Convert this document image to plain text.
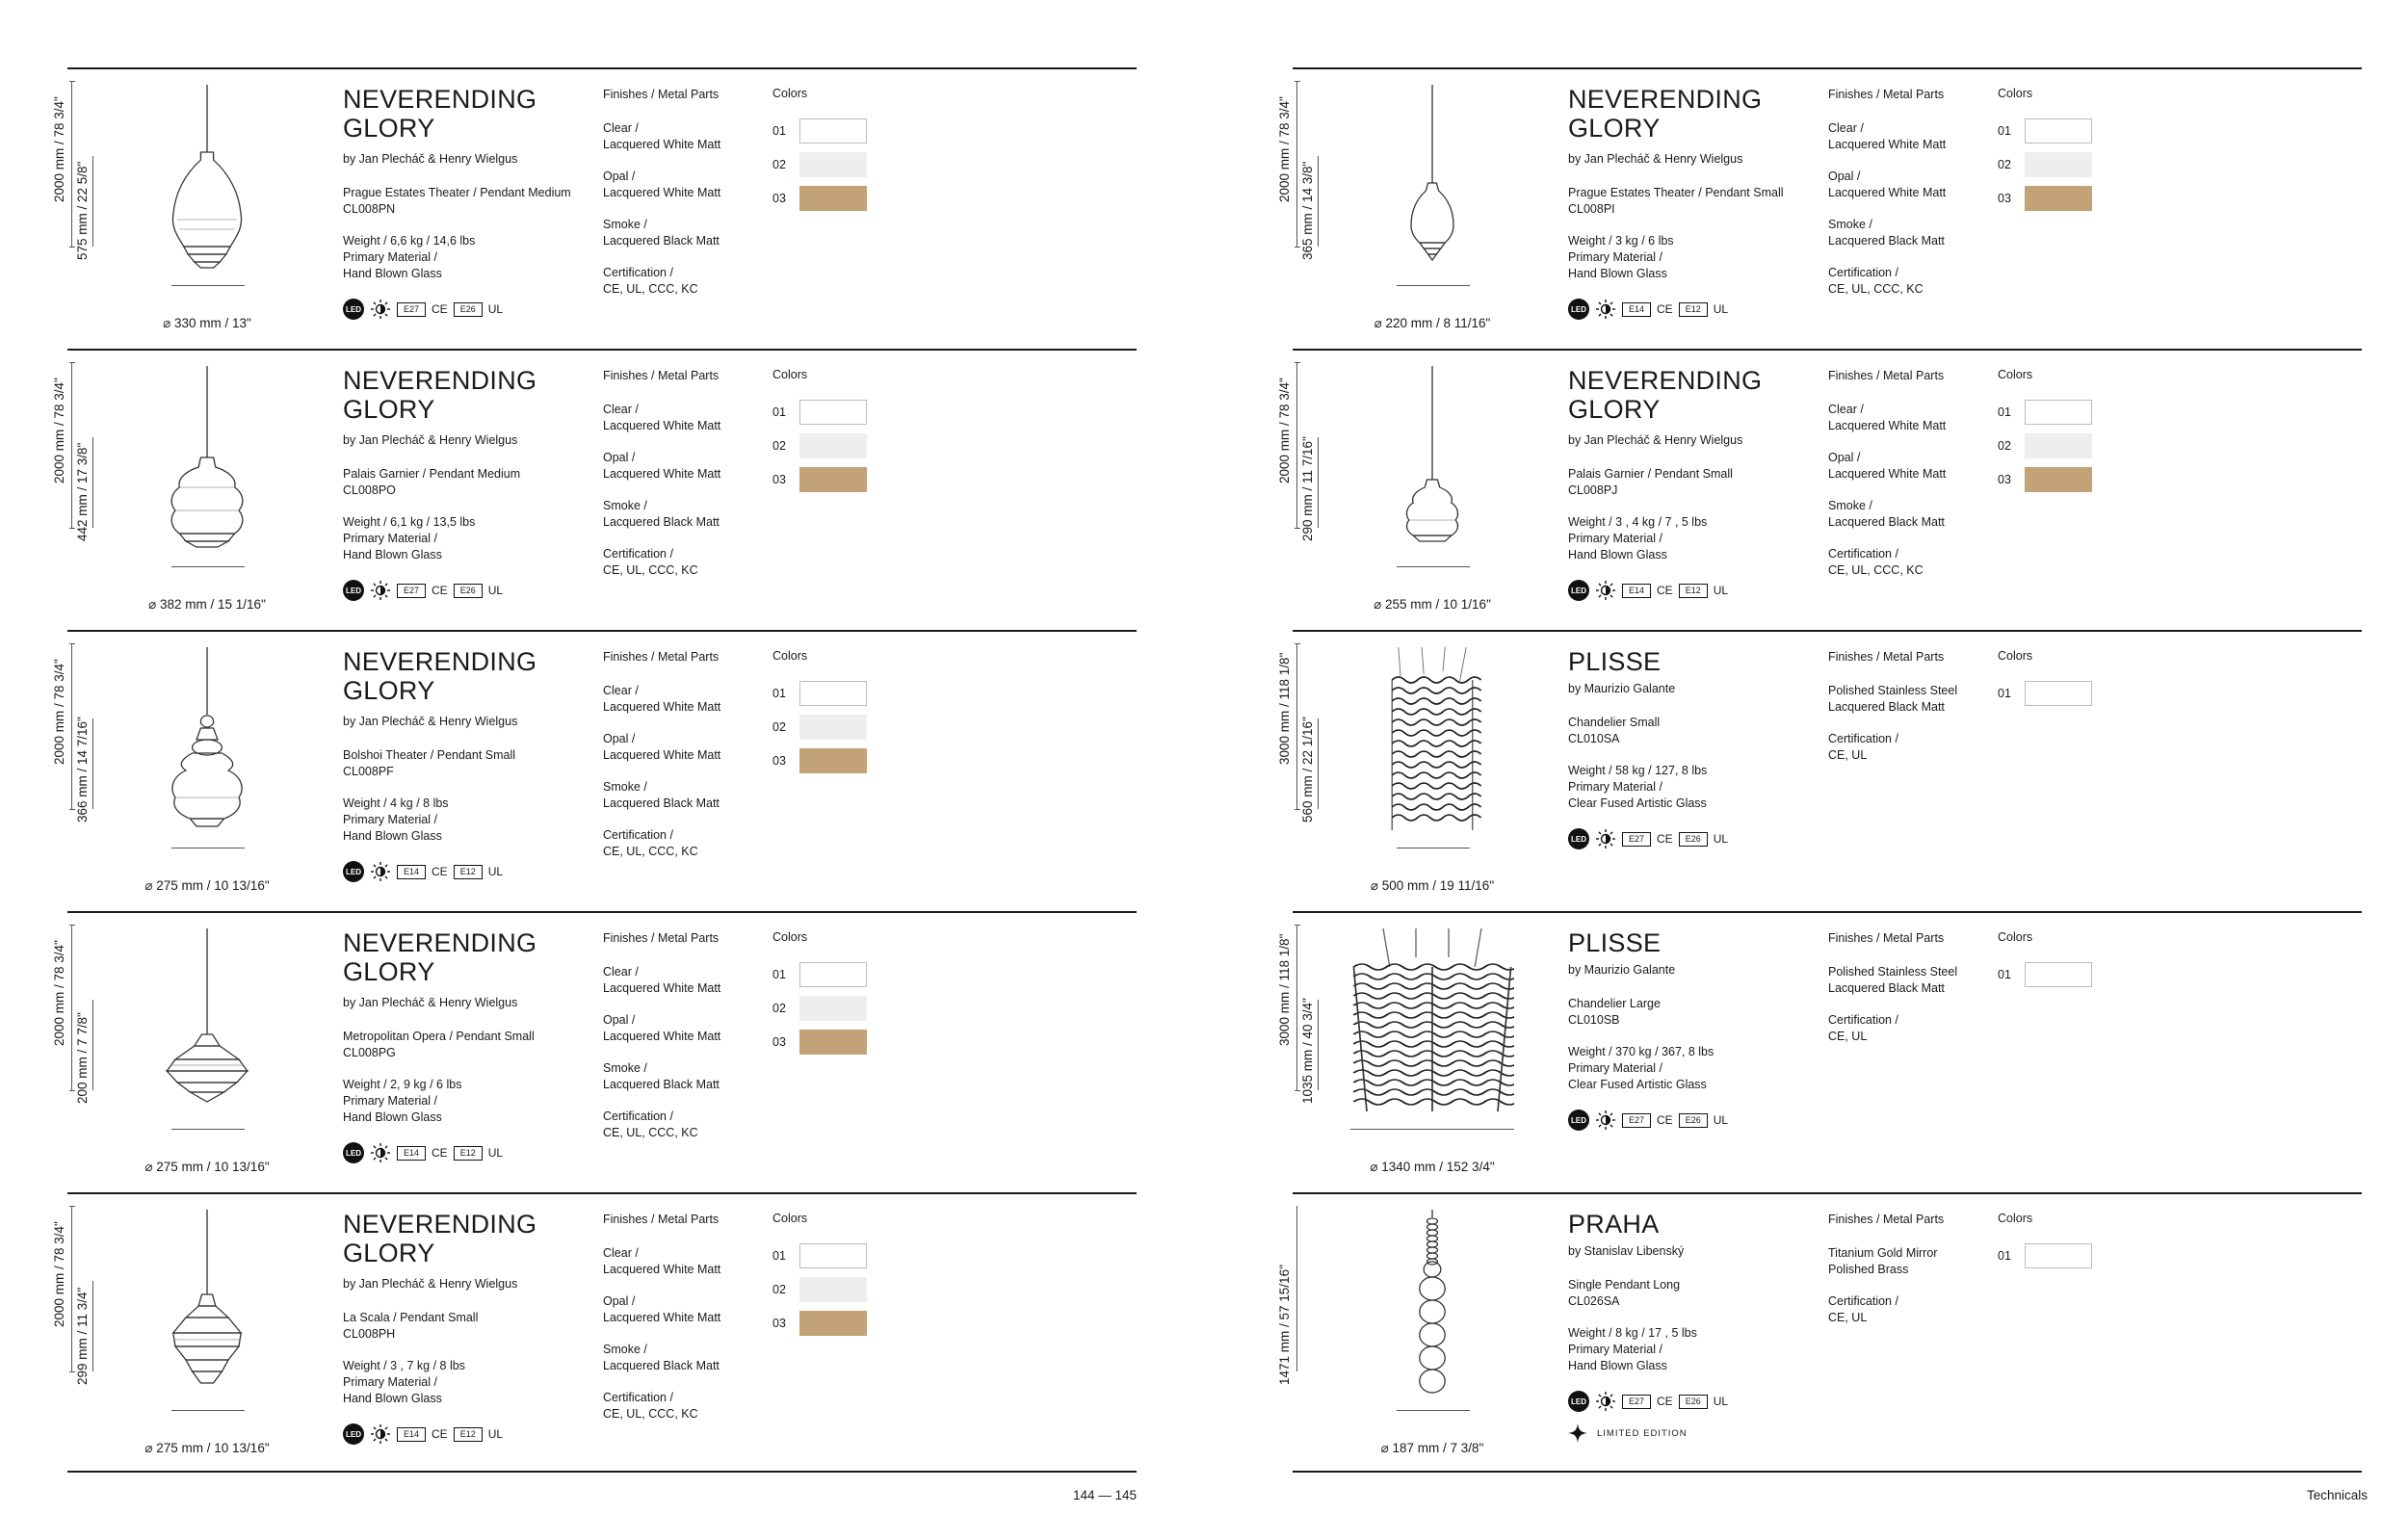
2000 mm / 78 3/4"
575 mm / 22 5/8"
⌀ 330 mm / 13"
NEVERENDING
GLORY
by Jan Plecháč & Henry Wielgus
Prague Estates Theater / Pendant Medium
CL008PN
Weight / 6,6 kg / 14,6 lbs
Primary Material /
Hand Blown Glass
LED	E27	CE	E26	UL
Finishes / Metal Parts
Clear /
Lacquered White Matt
Opal /
Lacquered White Matt
Smoke /
Lacquered Black Matt
Certification /
CE, UL, CCC, KC
Colors
01
02
03
2000 mm / 78 3/4"
442 mm / 17 3/8"
⌀ 382 mm / 15 1/16"
NEVERENDING
GLORY
by Jan Plecháč & Henry Wielgus
Palais Garnier / Pendant Medium
CL008PO
Weight / 6,1 kg / 13,5 lbs
Primary Material /
Hand Blown Glass
LED	E27	CE	E26	UL
Finishes / Metal Parts
Clear /
Lacquered White Matt
Opal /
Lacquered White Matt
Smoke /
Lacquered Black Matt
Certification /
CE, UL, CCC, KC
Colors
01
02
03
2000 mm / 78 3/4"
366 mm / 14 7/16"
⌀ 275 mm / 10 13/16"
NEVERENDING
GLORY
by Jan Plecháč & Henry Wielgus
Bolshoi Theater / Pendant Small
CL008PF
Weight / 4 kg / 8 lbs
Primary Material /
Hand Blown Glass
LED	E14	CE	E12	UL
Finishes / Metal Parts
Clear /
Lacquered White Matt
Opal /
Lacquered White Matt
Smoke /
Lacquered Black Matt
Certification /
CE, UL, CCC, KC
Colors
01
02
03
2000 mm / 78 3/4"
200 mm / 7 7/8"
⌀ 275 mm / 10 13/16"
NEVERENDING
GLORY
by Jan Plecháč & Henry Wielgus
Metropolitan Opera / Pendant Small
CL008PG
Weight / 2, 9 kg / 6 lbs
Primary Material /
Hand Blown Glass
LED	E14	CE	E12	UL
Finishes / Metal Parts
Clear /
Lacquered White Matt
Opal /
Lacquered White Matt
Smoke /
Lacquered Black Matt
Certification /
CE, UL, CCC, KC
Colors
01
02
03
2000 mm / 78 3/4"
299 mm / 11 3/4"
⌀ 275 mm / 10 13/16"
NEVERENDING
GLORY
by Jan Plecháč & Henry Wielgus
La Scala / Pendant Small
CL008PH
Weight / 3 , 7 kg / 8 lbs
Primary Material /
Hand Blown Glass
LED	E14	CE	E12	UL
Finishes / Metal Parts
Clear /
Lacquered White Matt
Opal /
Lacquered White Matt
Smoke /
Lacquered Black Matt
Certification /
CE, UL, CCC, KC
Colors
01
02
03
2000 mm / 78 3/4"
365 mm / 14 3/8"
⌀ 220 mm / 8 11/16"
NEVERENDING
GLORY
by Jan Plecháč & Henry Wielgus
Prague Estates Theater / Pendant Small
CL008PI
Weight / 3 kg / 6 lbs
Primary Material /
Hand Blown Glass
LED	E14	CE	E12	UL
Finishes / Metal Parts
Clear /
Lacquered White Matt
Opal /
Lacquered White Matt
Smoke /
Lacquered Black Matt
Certification /
CE, UL, CCC, KC
Colors
01
02
03
2000 mm / 78 3/4"
290 mm / 11 7/16"
⌀ 255 mm / 10 1/16"
NEVERENDING
GLORY
by Jan Plecháč & Henry Wielgus
Palais Garnier / Pendant Small
CL008PJ
Weight / 3 , 4 kg / 7 , 5 lbs
Primary Material /
Hand Blown Glass
LED	E14	CE	E12	UL
Finishes / Metal Parts
Clear /
Lacquered White Matt
Opal /
Lacquered White Matt
Smoke /
Lacquered Black Matt
Certification /
CE, UL, CCC, KC
Colors
01
02
03
3000 mm / 118 1/8"
560 mm / 22 1/16"
⌀ 500 mm / 19 11/16"
PLISSE
by Maurizio Galante
Chandelier Small
CL010SA
Weight / 58 kg / 127, 8 lbs
Primary Material /
Clear Fused Artistic Glass
LED	E27	CE	E26	UL
Finishes / Metal Parts
Polished Stainless Steel
Lacquered Black Matt
Certification /
CE, UL
Colors
01
3000 mm / 118 1/8"
1035 mm / 40 3/4"
⌀ 1340 mm / 152 3/4"
PLISSE
by Maurizio Galante
Chandelier Large
CL010SB
Weight / 370 kg / 367, 8 lbs
Primary Material /
Clear Fused Artistic Glass
LED	E27	CE	E26	UL
Finishes / Metal Parts
Polished Stainless Steel
Lacquered Black Matt
Certification /
CE, UL
Colors
01
1471 mm / 57 15/16"
⌀ 187 mm / 7 3/8"
PRAHA
by Stanislav Libenský
Single Pendant Long
CL026SA
Weight / 8 kg / 17 , 5 lbs
Primary Material /
Hand Blown Glass
LED	E27	CE	E26	UL
LIMITED EDITION
Finishes / Metal Parts
Titanium Gold Mirror
Polished Brass
Certification /
CE, UL
Colors
01
144 — 145	Technicals
